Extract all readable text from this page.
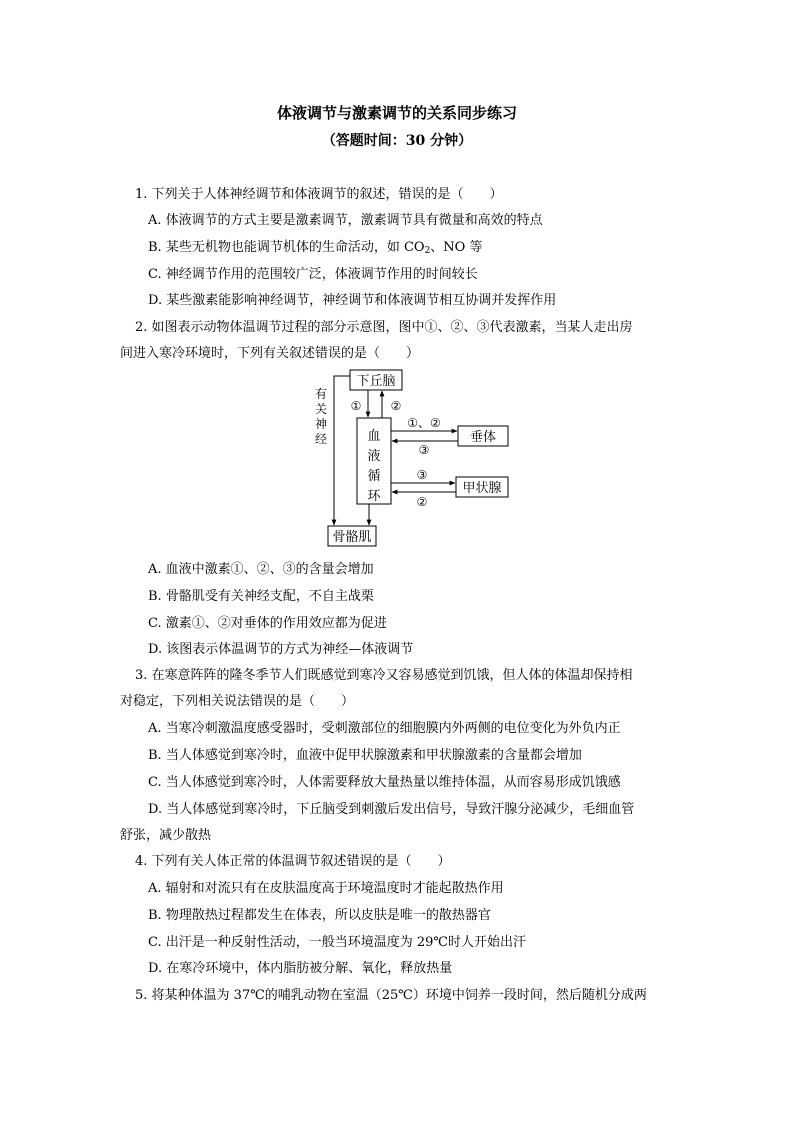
体液调节与激素调节的关系同步练习
（答题时间：30 分钟）
1. 下列关于人体神经调节和体液调节的叙述，错误的是（　　）
A. 体液调节的方式主要是激素调节，激素调节具有微量和高效的特点
B. 某些无机物也能调节机体的生命活动，如 $CO_2$、NO 等
C. 神经调节作用的范围较广泛，体液调节作用的时间较长
D. 某些激素能影响神经调节，神经调节和体液调节相互协调并发挥作用
2. 如图表示动物体温调节过程的部分示意图，图中①、②、③代表激素，当某人走出房
间进入寒冷环境时，下列有关叙述错误的是（　　）
下丘脑
血
液
循
环
垂体
甲状腺
骨骼肌
有
关
神
经
① ②
①、②
③
③
②
A. 血液中激素①、②、③的含量会增加
B. 骨骼肌受有关神经支配，不自主战栗
C. 激素①、②对垂体的作用效应都为促进
D. 该图表示体温调节的方式为神经—体液调节
3. 在寒意阵阵的隆冬季节人们既感觉到寒冷又容易感觉到饥饿，但人体的体温却保持相
对稳定，下列相关说法错误的是（　　）
A. 当寒冷刺激温度感受器时，受刺激部位的细胞膜内外两侧的电位变化为外负内正
B. 当人体感觉到寒冷时，血液中促甲状腺激素和甲状腺激素的含量都会增加
C. 当人体感觉到寒冷时，人体需要释放大量热量以维持体温，从而容易形成饥饿感
D. 当人体感觉到寒冷时，下丘脑受到刺激后发出信号，导致汗腺分泌减少，毛细血管
舒张，减少散热
4. 下列有关人体正常的体温调节叙述错误的是（　　）
A. 辐射和对流只有在皮肤温度高于环境温度时才能起散热作用
B. 物理散热过程都发生在体表，所以皮肤是唯一的散热器官
C. 出汗是一种反射性活动，一般当环境温度为 29℃时人开始出汗
D. 在寒冷环境中，体内脂肪被分解、氧化，释放热量
5. 将某种体温为 37℃的哺乳动物在室温（25℃）环境中饲养一段时间，然后随机分成两
